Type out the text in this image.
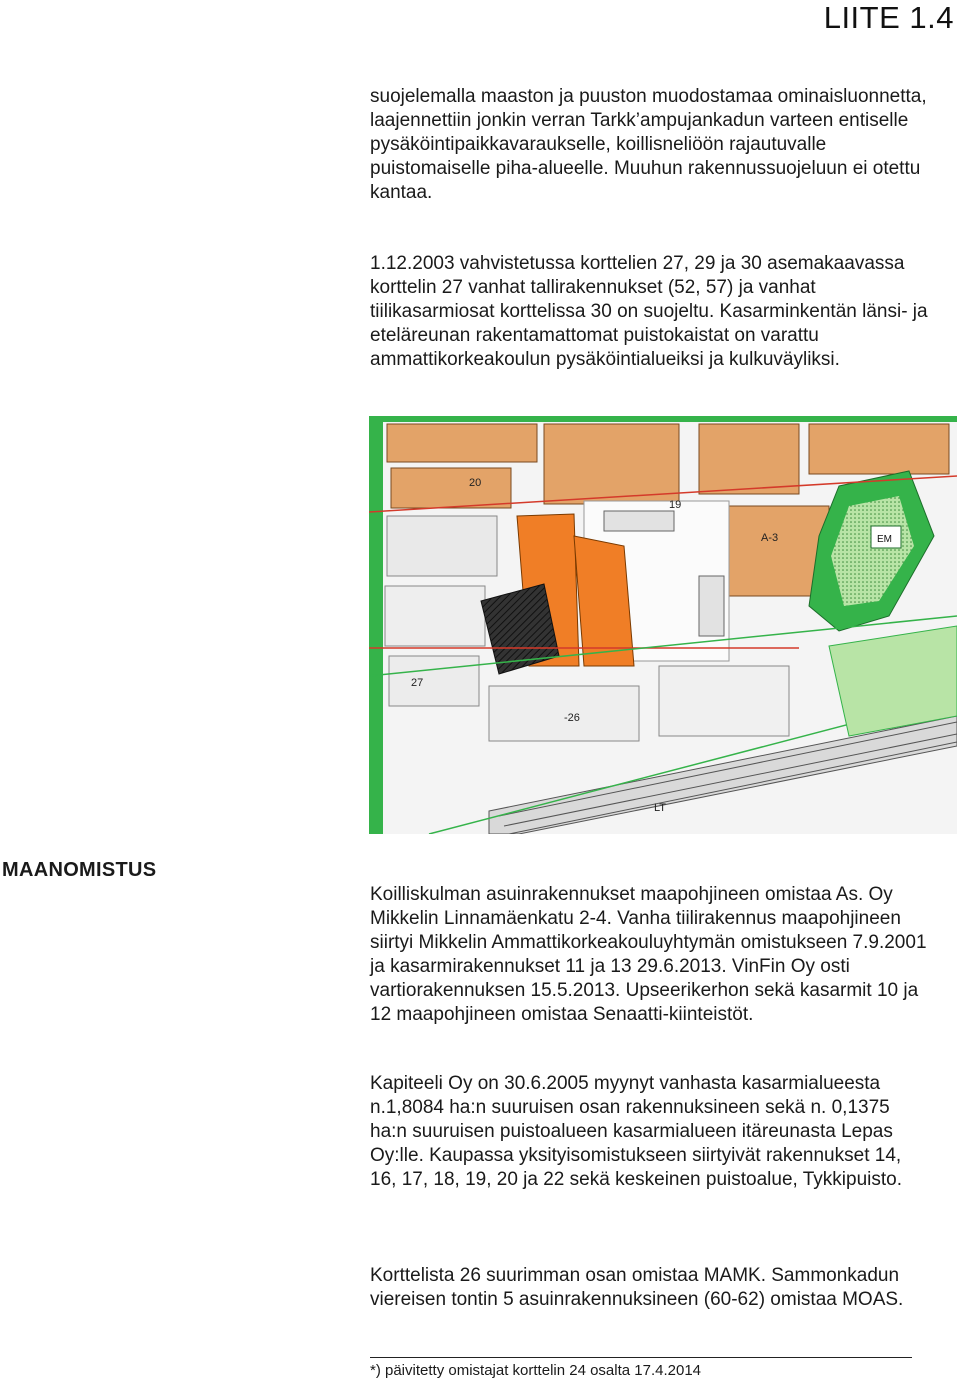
LIITE 1.4

suojelemalla maaston ja puuston muodostamaa ominaisluonnetta, laajennettiin jonkin verran Tarkk’ampujankadun varteen entiselle pysäköintipaikkavaraukselle, koillisneliöön rajautuvalle puistomaiselle piha-alueelle. Muuhun rakennussuojeluun ei otettu kantaa.

1.12.2003 vahvistetussa korttelien 27, 29 ja 30 asemakaavassa korttelin 27 vanhat tallirakennukset (52, 57) ja vanhat tiilikasarmiosat korttelissa 30 on suojeltu. Kasarminkentän länsi- ja eteläreunan rakentamattomat puistokaistat on varattu ammattikorkeakoulun pysäköintialueiksi ja kulkuväyliksi.

20
19
A-3	EM
-26
27
LT
MAANOMISTUS

Koilliskulman asuinrakennukset maapohjineen omistaa As. Oy Mikkelin Linnamäenkatu 2-4. Vanha tiilirakennus maapohjineen siirtyi Mikkelin Ammattikorkeakouluyhtymän omistukseen 7.9.2001 ja kasarmirakennukset 11 ja 13 29.6.2013. VinFin Oy osti vartiorakennuksen 15.5.2013. Upseerikerhon sekä kasarmit 10 ja 12 maapohjineen omistaa Senaatti-kiinteistöt.

Kapiteeli Oy on 30.6.2005 myynyt vanhasta kasarmialueesta n.1,8084 ha:n suuruisen osan rakennuksineen sekä n. 0,1375 ha:n suuruisen puistoalueen kasarmialueen itäreunasta Lepas Oy:lle. Kaupassa yksityisomistukseen siirtyivät rakennukset 14, 16, 17, 18, 19, 20 ja 22 sekä keskeinen puistoalue, Tykkipuisto.

Korttelista 26 suurimman osan omistaa MAMK. Sammonkadun viereisen tontin 5 asuinrakennuksineen (60-62) omistaa MOAS.

*) päivitetty omistajat korttelin 24 osalta 17.4.2014
